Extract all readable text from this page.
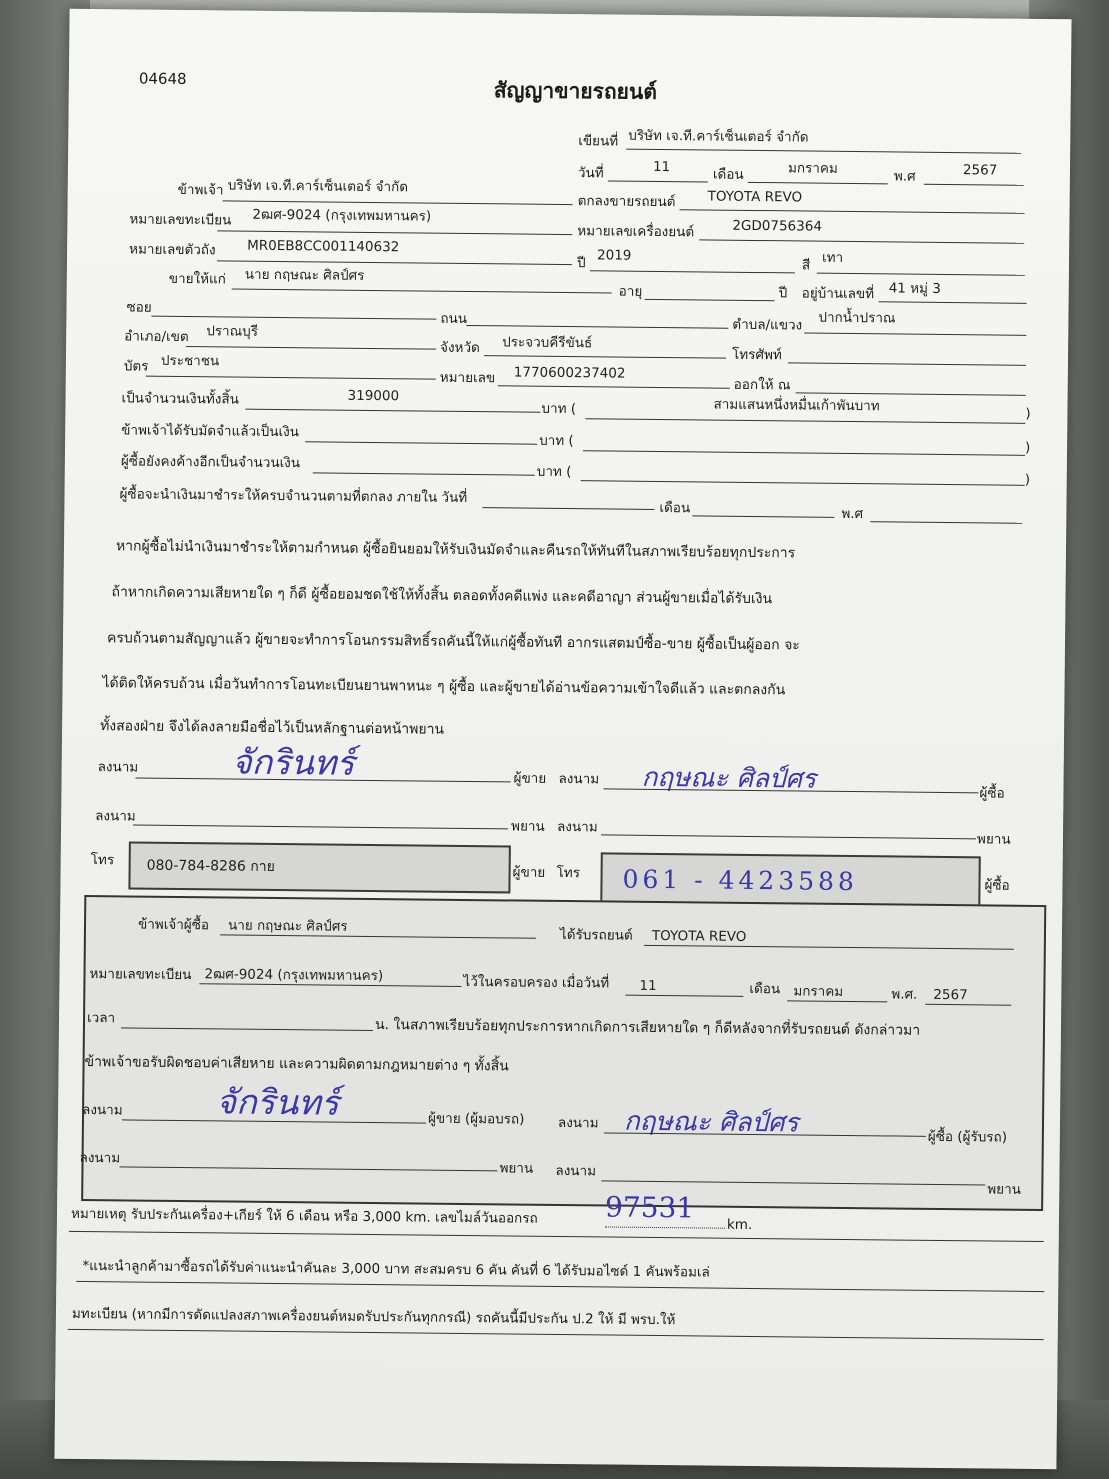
04648	สัญญาขายรถยนต์
เขียนที่ บริษัท เจ.ที.คาร์เซ็นเตอร์ จำกัด
วันที่	11	เดือน	มกราคม	พ.ศ	2567
ข้าพเจ้า บริษัท เจ.ที.คาร์เซ็นเตอร์ จำกัด
ตกลงขายรถยนต์ TOYOTA REVO
หมายเลขทะเบียน 2ฒศ-9024 (กรุงเทพมหานคร)
หมายเลขเครื่องยนต์	2GD0756364
หมายเลขตัวถัง MR0EB8CC001140632
ปี 2019
สี เทา
ขายให้แก่ นาย กฤษณะ ศิลป์ศร
อายุ	ปี อยู่บ้านเลขที่ 41 หมู่ 3
ซอย
ถนน	ตำบล/แขวง ปากน้ำปราณ
อำเภอ/เขต ปราณบุรี
จังหวัด ประจวบคีรีขันธ์
โทรศัพท์
บัตร ประชาชน
หมายเลข 1770600237402
ออกให้ ณ
เป็นจำนวนเงินทั้งสิ้น	319000
บาท (	สามแสนหนึ่งหมื่นเก้าพันบาท	)
ข้าพเจ้าได้รับมัดจำแล้วเป็นเงิน
บาท (	)
ผู้ซื้อยังคงค้างอีกเป็นจำนวนเงิน
บาท (	)
ผู้ซื้อจะนำเงินมาชำระให้ครบจำนวนตามที่ตกลง ภายใน วันที่
เดือน	พ.ศ
หากผู้ซื้อไม่นำเงินมาชำระให้ตามกำหนด ผู้ซื้อยินยอมให้รับเงินมัดจำและคืนรถให้ทันทีในสภาพเรียบร้อยทุกประการ
ถ้าหากเกิดความเสียหายใด ๆ ก็ดี ผู้ซื้อยอมชดใช้ให้ทั้งสิ้น ตลอดทั้งคดีแพ่ง และคดีอาญา ส่วนผู้ขายเมื่อได้รับเงิน
ครบถ้วนตามสัญญาแล้ว ผู้ขายจะทำการโอนกรรมสิทธิ์รถคันนี้ให้แก่ผู้ซื้อทันที อากรแสตมป์ซื้อ-ขาย ผู้ซื้อเป็นผู้ออก จะ
ได้ติดให้ครบถ้วน เมื่อวันทำการโอนทะเบียนยานพาหนะ ๆ ผู้ซื้อ และผู้ขายได้อ่านข้อความเข้าใจดีแล้ว และตกลงกัน
ทั้งสองฝ่าย จึงได้ลงลายมือชื่อไว้เป็นหลักฐานต่อหน้าพยาน
ลงนาม	จักรินทร์	ผู้ขาย ลงนาม กฤษณะ ศิลป์ศร	ผู้ซื้อ
ลงนาม
พยาน ลงนาม
พยาน
โทร 080-784-8286 กาย	ผู้ขาย โทร 061 - 4423588	ผู้ซื้อ
ข้าพเจ้าผู้ซื้อ นาย กฤษณะ ศิลป์ศร
ได้รับรถยนต์ TOYOTA REVO
หมายเลขทะเบียน 2ฒศ-9024 (กรุงเทพมหานคร)	ไว้ในครอบครอง เมื่อวันที่ 11	เดือน มกราคม	พ.ศ. 2567
เวลา	น. ในสภาพเรียบร้อยทุกประการหากเกิดการเสียหายใด ๆ ก็ดีหลังจากที่รับรถยนต์ ดังกล่าวมา
ข้าพเจ้าขอรับผิดชอบค่าเสียหาย และความผิดตามกฎหมายต่าง ๆ ทั้งสิ้น
ลงนาม	จักรินทร์	ผู้ขาย (ผู้มอบรถ) ลงนาม กฤษณะ ศิลป์ศร	ผู้ซื้อ (ผู้รับรถ)
ลงนาม
พยาน ลงนาม
พยาน
หมายเหตุ รับประกันเครื่อง+เกียร์ ให้ 6 เดือน หรือ 3,000 km. เลขไมล์วันออกรถ 97531
km.
*แนะนำลูกค้ามาซื้อรถได้รับค่าแนะนำคันละ 3,000 บาท สะสมครบ 6 คัน คันที่ 6 ได้รับมอไซด์ 1 คันพร้อมเล่
มทะเบียน (หากมีการดัดแปลงสภาพเครื่องยนต์หมดรับประกันทุกกรณี) รถคันนี้มีประกัน ป.2 ให้ มี พรบ.ให้
